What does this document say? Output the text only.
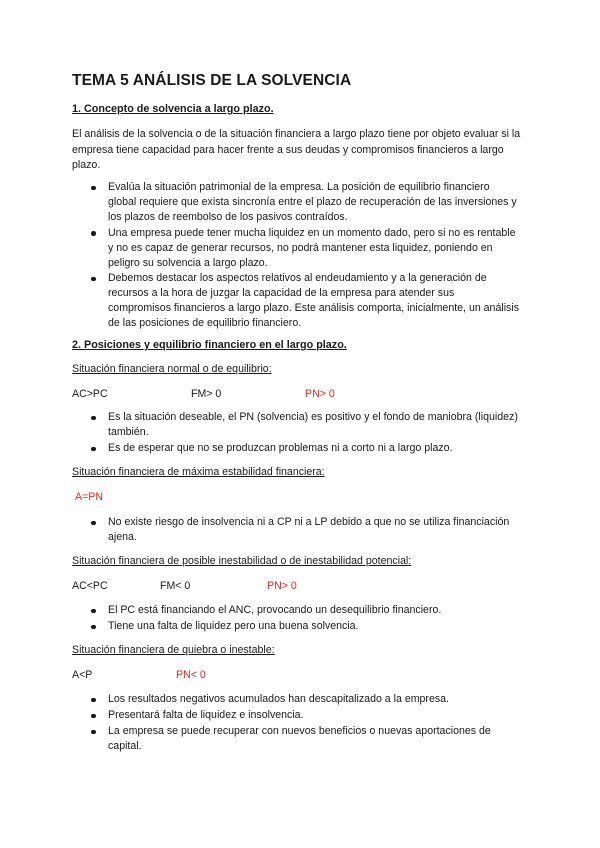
TEMA 5 ANÁLISIS DE LA SOLVENCIA
1. Concepto de solvencia a largo plazo.
El análisis de la solvencia o de la situación financiera a largo plazo tiene por objeto evaluar si la empresa tiene capacidad para hacer frente a sus deudas y compromisos financieros a largo plazo.
Evalúa la situación patrimonial de la empresa. La posición de equilibrio financiero global requiere que exista sincronía entre el plazo de recuperación de las inversiones y los plazos de reembolso de los pasivos contraídos.
Una empresa puede tener mucha liquidez en un momento dado, pero si no es rentable y no es capaz de generar recursos, no podrá mantener esta liquidez, poniendo en peligro su solvencia a largo plazo.
Debemos destacar los aspectos relativos al endeudamiento y a la generación de recursos a la hora de juzgar la capacidad de la empresa para atender sus compromisos financieros a largo plazo. Este análisis comporta, inicialmente, un análisis de las posiciones de equilibrio financiero.
2. Posiciones y equilibrio financiero en el largo plazo.
Situación financiera normal o de equilibrio:
AC>PC	FM> 0	PN> 0
Es la situación deseable, el PN (solvencia) es positivo y el fondo de maniobra (liquidez) también.
Es de esperar que no se produzcan problemas ni a corto ni a largo plazo.
Situación financiera de máxima estabilidad financiera:
A=PN
No existe riesgo de insolvencia ni a CP ni a LP debido a que no se utiliza financiación ajena.
Situación financiera de posible inestabilidad o de inestabilidad potencial:
AC<PC	FM< 0	PN> 0
El PC está financiando el ANC, provocando un desequilibrio financiero.
Tiene una falta de liquidez pero una buena solvencia.
Situación financiera de quiebra o inestable:
A<P	PN< 0
Los resultados negativos acumulados han descapitalizado a la empresa.
Presentará falta de liquidez e insolvencia.
La empresa se puede recuperar con nuevos beneficios o nuevas aportaciones de capital.
